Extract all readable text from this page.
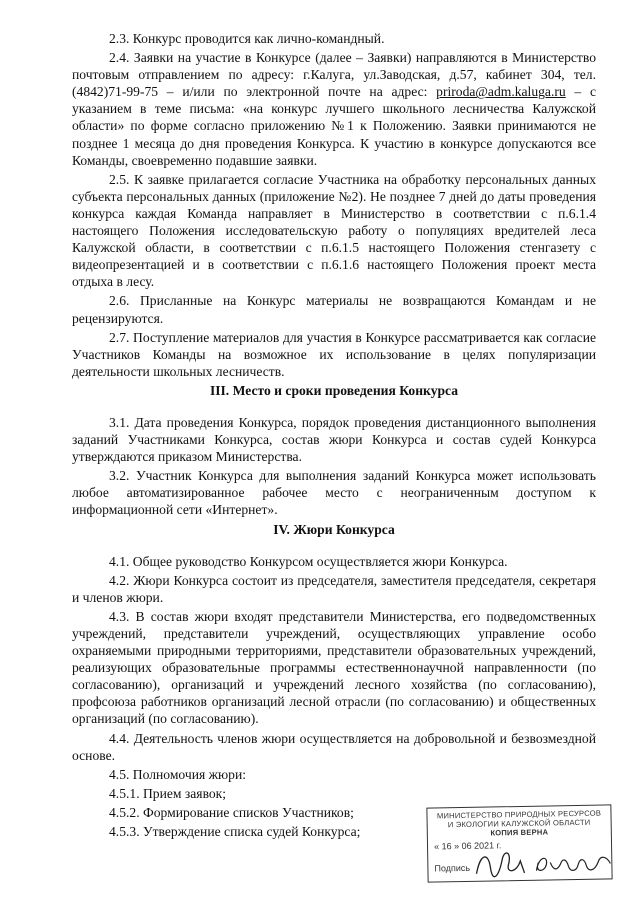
2.3. Конкурс проводится как лично-командный.

2.4. Заявки на участие в Конкурсе (далее – Заявки) направляются в Министерство почтовым отправлением по адресу: г.Калуга, ул.Заводская, д.57, кабинет 304, тел.(4842)71-99-75 – и/или по электронной почте на адрес: priroda@adm.kaluga.ru – с указанием в теме письма: «на конкурс лучшего школьного лесничества Калужской области» по форме согласно приложению №1 к Положению. Заявки принимаются не позднее 1 месяца до дня проведения Конкурса. К участию в конкурсе допускаются все Команды, своевременно подавшие заявки.

2.5. К заявке прилагается согласие Участника на обработку персональных данных субъекта персональных данных (приложение №2). Не позднее 7 дней до даты проведения конкурса каждая Команда направляет в Министерство в соответствии с п.6.1.4 настоящего Положения исследовательскую работу о популяциях вредителей леса Калужской области, в соответствии с п.6.1.5 настоящего Положения стенгазету с видеопрезентацией и в соответствии с п.6.1.6 настоящего Положения проект места отдыха в лесу.

2.6. Присланные на Конкурс материалы не возвращаются Командам и не рецензируются.

2.7. Поступление материалов для участия в Конкурсе рассматривается как согласие Участников Команды на возможное их использование в целях популяризации деятельности школьных лесничеств.

III. Место и сроки проведения Конкурса

3.1. Дата проведения Конкурса, порядок проведения дистанционного выполнения заданий Участниками Конкурса, состав жюри Конкурса и состав судей Конкурса утверждаются приказом Министерства.

3.2. Участник Конкурса для выполнения заданий Конкурса может использовать любое автоматизированное рабочее место с неограниченным доступом к информационной сети «Интернет».

IV. Жюри Конкурса

4.1. Общее руководство Конкурсом осуществляется жюри Конкурса.

4.2. Жюри Конкурса состоит из председателя, заместителя председателя, секретаря и членов жюри.

4.3. В состав жюри входят представители Министерства, его подведомственных учреждений, представители учреждений, осуществляющих управление особо охраняемыми природными территориями, представители образовательных учреждений, реализующих образовательные программы естественнонаучной направленности (по согласованию), организаций и учреждений лесного хозяйства (по согласованию), профсоюза работников организаций лесной отрасли (по согласованию) и общественных организаций (по согласованию).

4.4. Деятельность членов жюри осуществляется на добровольной и безвозмездной основе.

4.5. Полномочия жюри:

4.5.1. Прием заявок;

4.5.2. Формирование списков Участников;

4.5.3. Утверждение списка судей Конкурса;

МИНИСТЕРСТВО ПРИРОДНЫХ РЕСУРСОВ
И ЭКОЛОГИИ КАЛУЖСКОЙ ОБЛАСТИ
КОПИЯ ВЕРНА
« 16 » 06 2021 г.
Подпись
